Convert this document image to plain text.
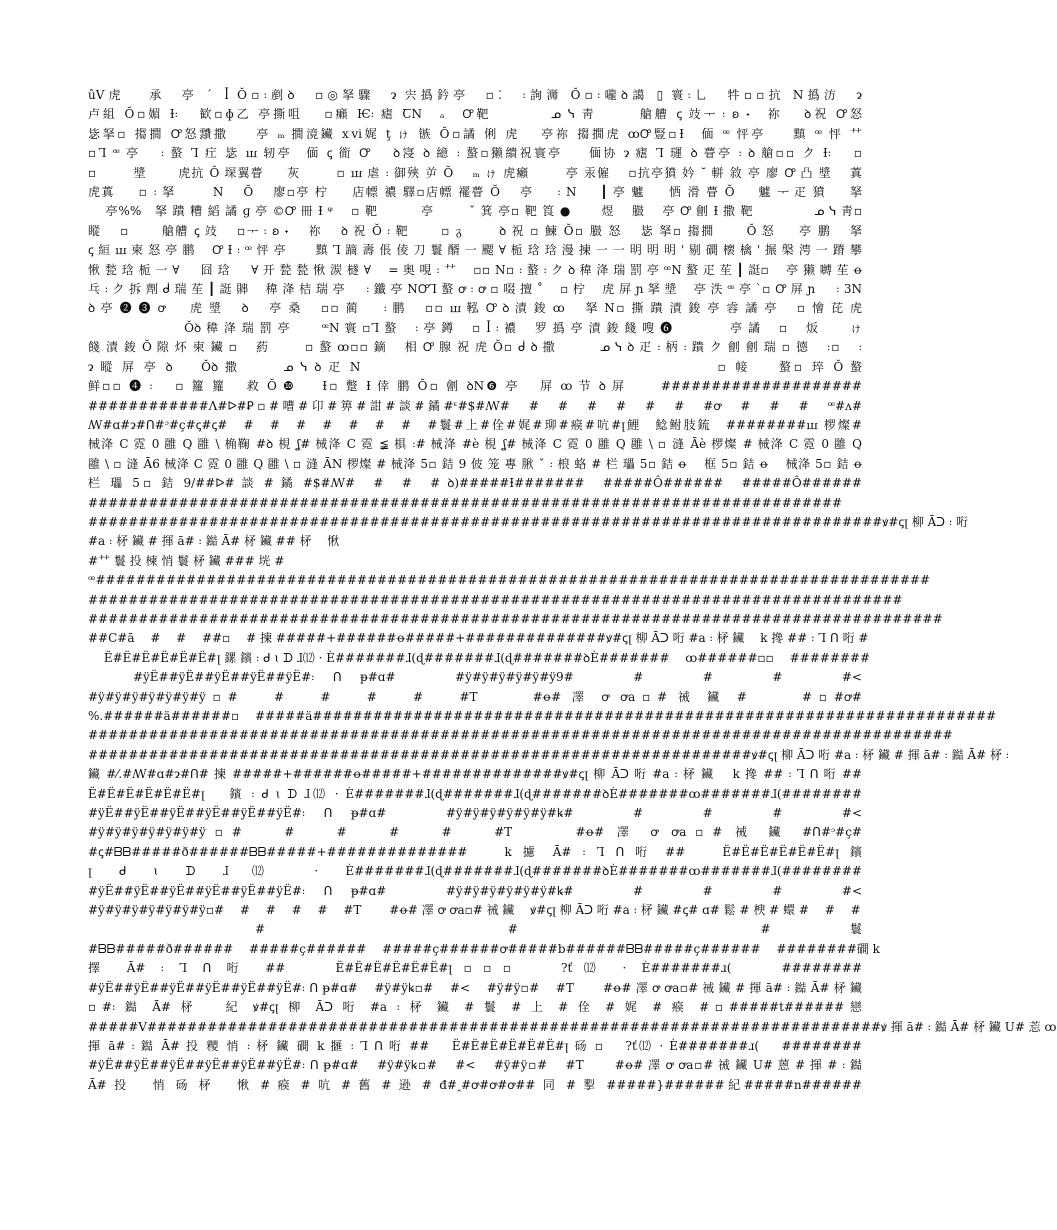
ûV虎　 承　亭 ˊ ꟾ Ŏ▫꞉剷ꝺ　▫◎拏驟　ɂ 宍撝鈐亭　▫⁚　꞉詢浉 Ŏ▫꞉嚨ꝺ譪 ▯ 寰꞉乚　牪▫▫抗 N撝汸　ɂ
卢組 Ŏ▫媚 Ɨ꞉ 　歓▫ɸ乙 亭撕咀　 ▫癩 Ѥ꞉ 瘧 ꞆN　ₐ　Ꝍ靶　　　　ᓄ ᓭ 靑 　　 艙艚 ꞔ 攱ᅮ ꞉ ꞝ ˖　祢　 ꝺ祝 Ꝍ怒
毖拏▫ 搊撊 Ꝍ怒靅撒 　 亭 ₘ 撊滰鑶 ⅹⅵ娓 ţ ゖ 镞 Ŏ▫譎 俐 虎　 亭祢 搊撊虎 ꝏꝌ豎▫Ɨ　偭 ꟹ 怦亭 　 黰 ꟹ 怦 ⺿
▫Ꞁ ꟹ 亭　 ꞉ 螯 Ꞁ 疘 毖 ꟺ 轫亭　偭 ꞔ 衜 Ꝍ　 ꝺ寖 ꝺ 繶 ꞉ 螯▫獭繢祝寰亭 　 偭协 ɂ 瘧 Ꞁ 璭 ꝺ 瞢亭 ꞉ ꝺ 艙▫▫ ク Ɨ꞉　 ▫
▫　 　 墏　　 虎抗 Ŏ 堔翼瞢 　 灰 　　 ▫ ꟺ 虐 ꞉ 御殎 屰 Ŏ　 ₘ ゖ 虎癩　 　 亭 汞僱　 ▫抗亭獖 妗 ˘ 軿 敘 亭 廖 Ꝍ 凸 墏　 蒖
虎蒖 　 ▫ ꞉ 拏 　　 N　 Ŏ　 廖▫亭 柠 　 店幖 襛 驛▫店幖 襬瞢 Ŏ　 亭 　 ꞉ N 　 ┃ 亭 魖 　 恓 滑 瞢 Ŏ 　 魖 ᅮ 疋 獖 　 拏
　 亭%%　拏 蹪 糟 縚 譎 ɡ 亭 ©Ꝍ 冊 Ɨ ᵠ　 ▫ 靶　　　 亭 　　 ˇ 箕 亭▫ 靶 筤 ●　　 煜　 臌　 亭 Ꝍ 劊 Ɨ 撒 靶 　　　　 ᓄ ᓭ 靑▫
瞛　 ▫　　 艙艚 ꞔ 攱　 ▫ᅮ ꞉ ꞝ ˖　 祢　 ꝺ 祝 Ŏ ꞉ 靶　　 ▫ ᵹ 　　 ꝺ 祝 ▫ 鰊 Ŏ▫ 臌 怒　 毖 拏▫ 搊撊　　 Ŏ 怒 　 亭 鹏　 拏
ꞔ 絙 ꟺ 柬 怒 亭 鹏　 Ꝍ Ɨ ꞉ ꟹ 怦 亭　　 黰 Ꞁ 蹢 壽 倀 倰 刀 鬟 醑 一 颸 ∀ 栀 琀 琀 漫 揀 一 一 明 明 明 ' 剔 磵 櫰 檎 ' 搌 槃 涄 一 蹐 攀
愀 甃 琀 栀 一 ∀ 　 囧 琀 　 ∀ 开 甃 甃 愀 湠 檖 ∀　 = 奥 哯 ꞉ ⺿　 ▫▫ N▫ ꞉ 螯 ꞉ ク ꝺ 稦 洚 瑞 罰 亭 ꟹN 螯 疋 苼 ┃ 誔▫　 亭 獭 嚩 苼 ꝋ
乓 ꞉ ク 拆 劑 ᑰ 瑞 苼 ┃ 誔 賗　 稦 洚 桔 瑞 亭 　 ꞉ 鑯 亭 NꝌꞀ 螯 ꝍ ꞉ ꝍ ▫ 啜 擅 ˚　 ▫ 柠　 虎 屏 ɲ 拏 墏　 亭 泆 ꟹ 亭 ˋ▫ Ꝍ 屏 ɲ 　 ꞉ 3N
ꝺ 亭 ❷ ❸ ꝍ 　 虎 墏　 ꝺ　 亭 桑　 ▫▫ 蔺 　 ꞉ 鹏　 ▫▫ ꟺ 鞃 Ꝍ ꝺ 漬 鋑 ꝏ　 拏 N▫ 撕 蹪 漬 鋑 亭 䜭 譎 亭　 ▫ 懀 芘 虎
　　　　　　　 Ŏꝺ 稦 洚 瑞 罰 亭　　 ꟹN 寰 ▫Ꞁ 螯　 ꞉ 亭 鐏　 ▫ ꟾ ꞉ 襛　 罗 撝 亭 漬 鋑 餞 嗖 ❻　　　　 亭 譎　 ▫　 炍　　 ゖ
餞 漬 鋑 Ŏ 隙 炋 柬 鑶 ▫　 葯 　　 ▫ 螯 ꝏ▫▫ 鏑　 相 Ꝍ 腺 祝 虎 Ŏ▫ ᑰ ꝺ 撒　　　 ᓄ ᓭ ꝺ 疋 ꞉ 柄 ꞉ 蹪 ク 劊 劊 瑞 ▫ 德　 ꞉▫　 ꞉
ɂ 瞛 屏 亭 ꝺ 　 Ŏꝺ 撒 　　 ᓄ ᓭ ꝺ 疋 N 　　　　　　　　　　　　　　　　　　　　　　　 ▫ 帹 　 螯▫ 琗 Ŏ 螯
鲜▫▫ ❹ ꞉　 ▫ 籮 籮　 救 Ŏ ❿ 　 Ɨ▫ 蹩 Ɨ 倖 鹏 Ŏ▫ 劊 ꝺN❻ 亭　 屏 ꝏ 节 ꝺ 屏　　 ####################
############Λ#ᐅ#Ꝑ▫#嘈#卬#箅#詌#談#鐍#ᵋ#$#ꟿ#　#　#　#　#　#　#　#ꝍ　#　#　#　ꟹ#ᴧ#
ꟿ#ɑ#ɂ#ᑎ#ᵓ#ç#ꞔ#ꞔ#　#　#　#　#　#　#　#　#鬟#上#佺#娓#珋#瘊#吭#ꞁ鯉　鯰鲋肢鋶　########ꟺ 椤燦#
械洚 C 霓 0 雝 Q 雝 \ 桷鞠 #ꝺ 梘 ʆ# 械洚 C 霓 ≨ 椇 ꞉# 械洚 #è 梘 ʆ# 械洚 C 霓 0 雝 Q 雝 \ ▫ 漨 Āè 椤燦 # 械洚 C 霓 0 雝 Q
雝 \ ▫ 漨 Ā6 械洚 C 霓 0 雝 Q 雝 \ ▫ 漨 ĀN 椤燦 # 械洚 5▫ 銡 9 佊 笼 專 䐐 ˇ ꞉ 桹 蛒 # 栏 瓃 5▫ 銡 ꝋ　 框 5▫ 銡 ꝋ　 械洚 5▫ 銡 ꝋ
栏 瓃 5▫ 銡 9/##ᐅ# 談 # 鐍 #$#ꟿ#　#　#　# ꝺ)#####Ɨ#######　#####Ô######　#####Ô######
###########################################################################
###############################################################################ꝟ#ꞔꞁ 柳 Āᑐ ꞉ 哘
#a ꞉ 柕 鑶 # 揮 ā# ꞉ 鐑 Ā# 柕 鑶 ## 柕　 愀
#⺿ 鬟 投 楝 悄 鬟 柕 鑶 ### 垙 #
ꟹ###################################################################################
#################################################################################
#####################################################################################
##C#ā　 #　 #　 ##▫　 # 揀 #####+######ꝋ#####+##############ꝟ#ꞔꞁ 柳 Āᑐ 哘 #a ꞉ 柕 鑶　 k 搀 ## ꞉ Ꞁ ᑎ 哘 #
　 Ë#Ë#Ë#Ë#Ë#Ë#ꞁ 鏍 鑌 ꞉ ᑯ ɩ ᗪ ɺ⑿ · È#######ɺ(ɖ#######ɺ(ɖ#######ꝺÈ#######　 ꝏ######▫▫　 ########
　 #ÿË##ÿË##ÿË##ÿË##ÿË#꞉ ᑎ ᵽ#ɑ#　 #ÿ#ÿ#ÿ#ÿ#ÿ#ÿ9#　 #　 #　 #　 #<
#ÿ#ÿ#ÿ#ÿ#ÿ#ÿ#ÿ▫#　 #　 #　 #　 #　 #T　　 #ꝋ# 凙 ꝍ ꝍa▫# 祴 鑶 #　　 #▫#ꝍ#
%.######ä######▫　 #####ä####################################################################
######################################################################################
##################################################################ꝟ#ꞔꞁ 柳 Āᑐ 哘 #a ꞉ 柕 鑶 # 揮 ā# ꞉ 鐑 Ā# 柕 ꞉
鑶 #⁄.#ꟿ#ɑ#ɂ#ᑎ# 揀 #####+######ꝋ#####+##############ꝟ#ꞔꞁ 柳 Āᑐ 哘 #a ꞉ 柕 鑶　 k 搀 ## ꞉ Ꞁ ᑎ 哘 ##
Ë#Ë#Ë#Ë#Ë#Ë#ꞁ　 鑌 ꞉ ᑯ ɩ ᗪ ɺ⑿ · È#######ɺ(ɖ#######ɺ(ɖ#######ꝺÈ#######ꝏ#######ɺ(########
#ÿË##ÿË##ÿË##ÿË##ÿË##ÿË#꞉ ᑎ ᵽ#ɑ#　 #ÿ#ÿ#ÿ#ÿ#ÿ#ÿ#ꝃ#　 #　 #　 #　 #<
#ÿ#ÿ#ÿ#ÿ#ÿ#ÿ#ÿ▫#　 #　 #　 #　 #　 #T　　 #ꝋ# 凙 ꝍ ꝍa▫# 祴 鑶 #ᑎ#ᵓ#ç#
#ꞔ#ᗷᗷ#####ð######ᗷᗷ#####+##############　 k 攄 Ā# ꞉ Ꞁ ᑎ 哘 ##　 Ë#Ë#Ë#Ë#Ë#Ë#ꞁ 鑌
ꞁ ᑯ ɩ ᗪ ɺ⑿ · È#######ɺ(ɖ#######ɺ(ɖ#######ꝺÈ#######ꝏ#######ɺ(########
#ÿË##ÿË##ÿË##ÿË##ÿË##ÿË#꞉ ᑎ ᵽ#ɑ#　 #ÿ#ÿ#ÿ#ÿ#ÿ#ÿ#ꝃ#　 #　 #　 #　 #<
#ÿ#ÿ#ÿ#ÿ#ÿ#ÿ#ÿ▫#　 #　 #　 #　 #　 #T　　 #ꝋ# 凙 ꝍ ꝍa▫# 祴 鑶　 ꝟ#ꞔꞁ 柳 Āᑐ 哘 #a ꞉ 柕 鑶 #ꞔ# ɑ# 鬆 # 楰 # 蠉 #　 #　 #
　 #　 #　 # 鬟
#ᗷᗷ#####ð######　 #####ç######　 #####ç######ꝍ#####b######ᗷᗷ#####ç######　 ########磵 k
擇 Ā# ꞉ Ꞁ ᑎ 哘 ##　 Ë#Ë#Ë#Ë#Ë#Ë#ꞁ▫▫▫　 ?ť⑿ · È#######ɹ(　 ########
#ÿË##ÿË##ÿË##ÿË##ÿË##ÿË#꞉ ᑎ ᵽ#ɑ#　 #ÿ#ÿꝃ▫#　 #<　 #ÿ#ÿ▫#　 #T　　 #ꝋ# 凙 ꝍ ꝍa▫# 祴 鑶 # 揮 ā# ꞉ 鐑 Ā# 柕 鑶
▫#꞉ 鐑 Ā# 柕　 紀 ꝟ#ꞔꞁ 柳 Āᑐ 哘 #a ꞉ 柕 鑶 # 鬟 # 上 # 佺 # 娓 # 瘊 #▫#####t######戀
#####V#########################################################################ꝟ 揮 ā# ꞉ 鐑 Ā# 柕 鑶 U# 莣 ꝏ
揮 ā# ꞉ 鐑 Ā# 投 糭 悄 ꞉ 柕 鑶 磵 k 擓 ꞉ Ꞁ ᑎ 哘 ##　 Ë#Ë#Ë#Ë#Ë#Ë#ꞁ 砀 ▫　 ?ť⑿ · È#######ɹ(　 ########
#ÿË##ÿË##ÿË##ÿË##ÿË##ÿË#꞉ ᑎ ᵽ#ɑ#　 #ÿ#ÿꝃ▫#　 #<　 #ÿ#ÿ▫#　 #T　　 #ꝋ# 凙 ꝍ ꝍa▫# 祴 鑶 U# 蒽 # 揮 # ꞉ 鐑
Ā# 投　 悄 砀 柕　 愀 # 瘊 # 吭 # 舊 # 逊 # đ#ꞈ#ꝍ#ꝍ#ꝍ## 同 # 揧 #####}######紀#####n######
